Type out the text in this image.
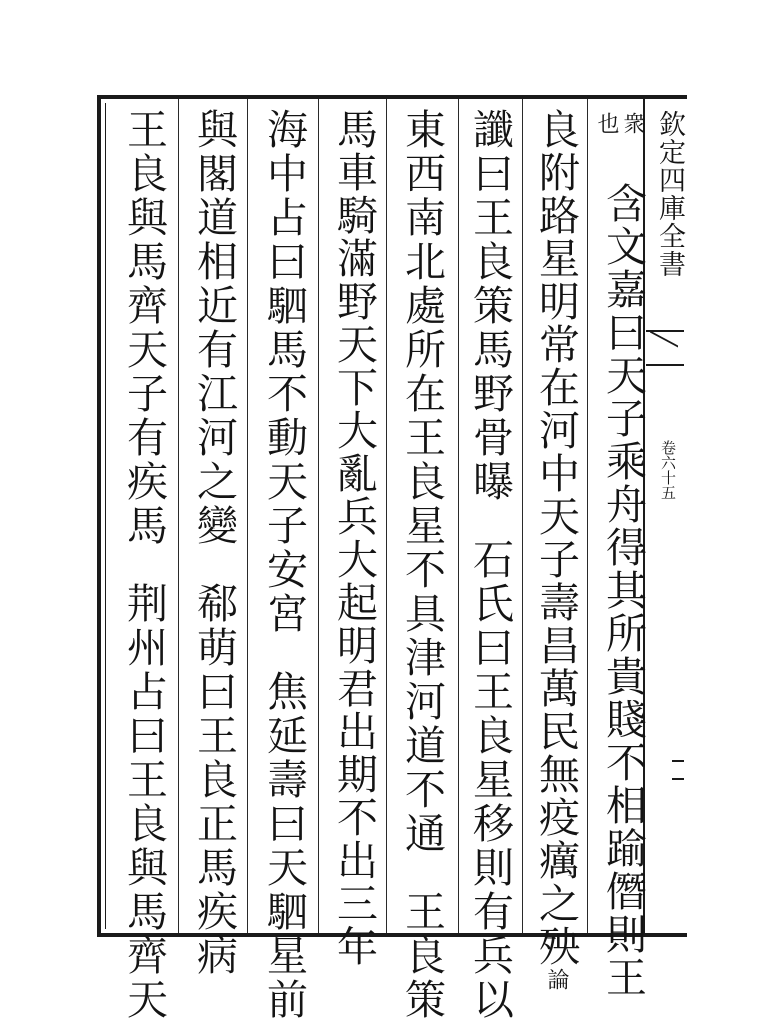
欽定四庫全書
卷六十五
衆
也
含文嘉曰天子乘舟得其所貴賤不相踰僭則王
良附路星明常在河中天子壽昌萬民無疫癘之殃論
讖曰王良策馬野骨曝石氏曰王良星移則有兵以
東西南北處所在王良星不具津河道不通王良策
馬車騎滿野天下大亂兵大起明君出期不出三年
海中占曰駟馬不動天子安宮焦延壽曰天駟星前
與閣道相近有江河之變郗萌曰王良正馬疾病
王良與馬齊天子有疾馬荆州占曰王良與馬齊天
